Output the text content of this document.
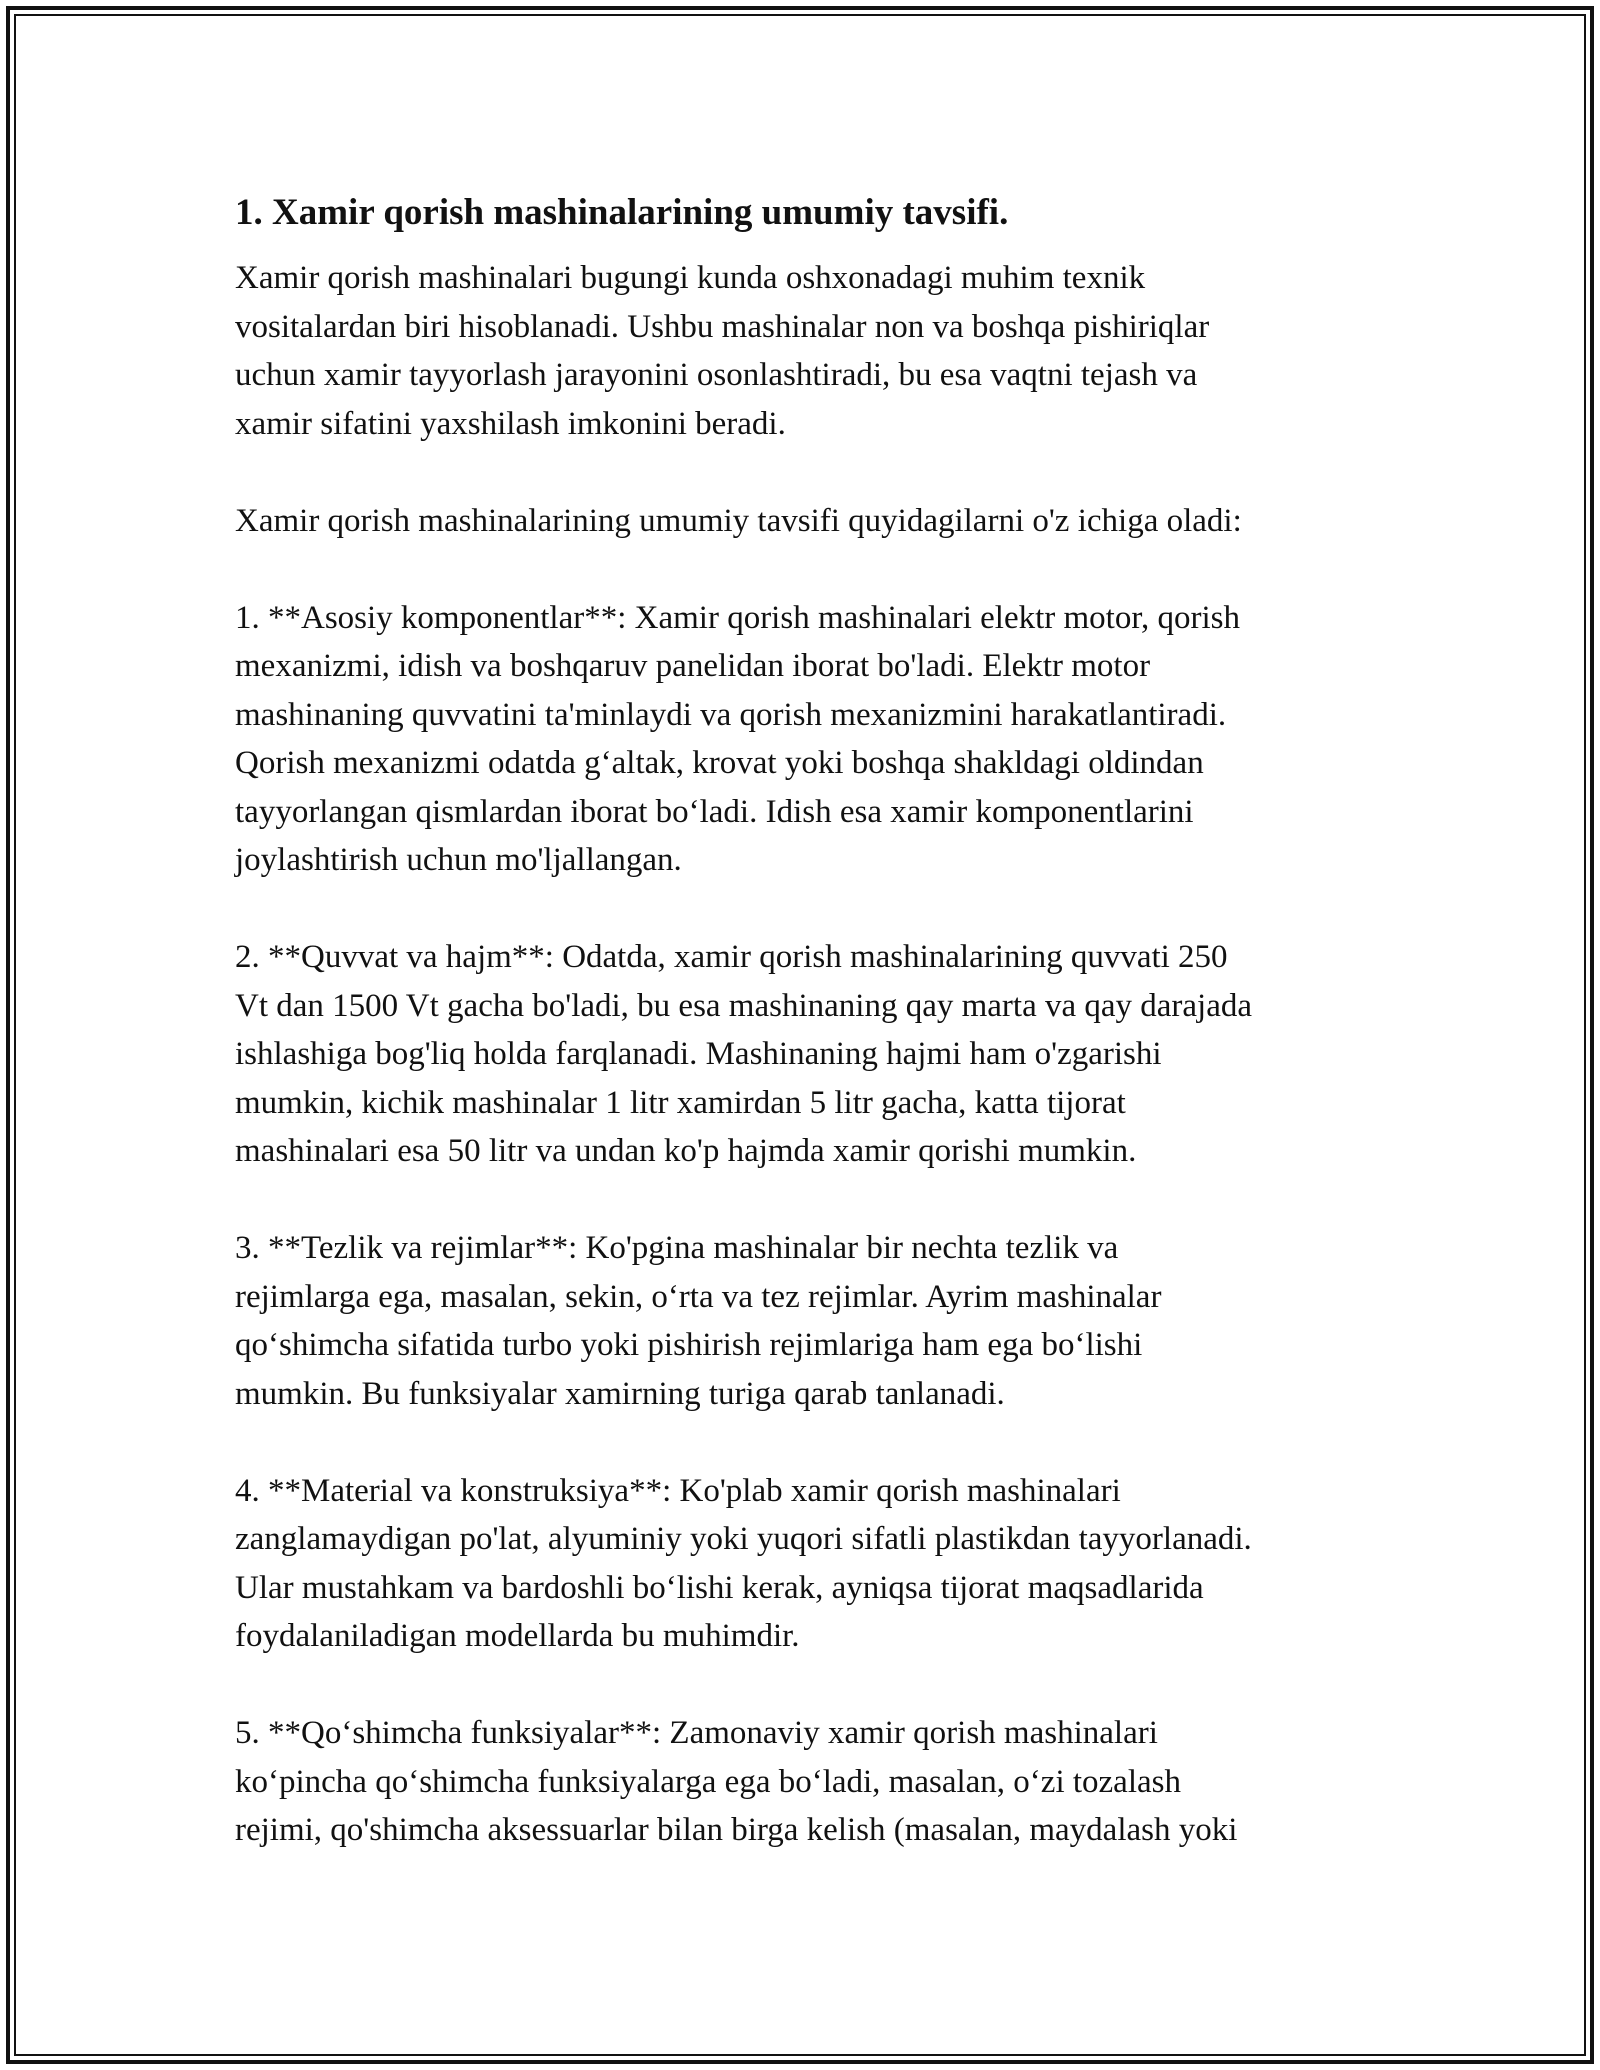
1. Xamir qorish mashinalarining umumiy tavsifi.

Xamir qorish mashinalari bugungi kunda oshxonadagi muhim texnik
vositalardan biri hisoblanadi. Ushbu mashinalar non va boshqa pishiriqlar
uchun xamir tayyorlash jarayonini osonlashtiradi, bu esa vaqtni tejash va
xamir sifatini yaxshilash imkonini beradi.

Xamir qorish mashinalarining umumiy tavsifi quyidagilarni o'z ichiga oladi:

1. **Asosiy komponentlar**: Xamir qorish mashinalari elektr motor, qorish
mexanizmi, idish va boshqaruv panelidan iborat bo'ladi. Elektr motor
mashinaning quvvatini ta'minlaydi va qorish mexanizmini harakatlantiradi.
Qorish mexanizmi odatda g‘altak, krovat yoki boshqa shakldagi oldindan
tayyorlangan qismlardan iborat bo‘ladi. Idish esa xamir komponentlarini
joylashtirish uchun mo'ljallangan.

2. **Quvvat va hajm**: Odatda, xamir qorish mashinalarining quvvati 250
Vt dan 1500 Vt gacha bo'ladi, bu esa mashinaning qay marta va qay darajada
ishlashiga bog'liq holda farqlanadi. Mashinaning hajmi ham o'zgarishi
mumkin, kichik mashinalar 1 litr xamirdan 5 litr gacha, katta tijorat
mashinalari esa 50 litr va undan ko'p hajmda xamir qorishi mumkin.

3. **Tezlik va rejimlar**: Ko'pgina mashinalar bir nechta tezlik va
rejimlarga ega, masalan, sekin, o‘rta va tez rejimlar. Ayrim mashinalar
qo‘shimcha sifatida turbo yoki pishirish rejimlariga ham ega bo‘lishi
mumkin. Bu funksiyalar xamirning turiga qarab tanlanadi.

4. **Material va konstruksiya**: Ko'plab xamir qorish mashinalari
zanglamaydigan po'lat, alyuminiy yoki yuqori sifatli plastikdan tayyorlanadi.
Ular mustahkam va bardoshli bo‘lishi kerak, ayniqsa tijorat maqsadlarida
foydalaniladigan modellarda bu muhimdir.

5. **Qo‘shimcha funksiyalar**: Zamonaviy xamir qorish mashinalari
ko‘pincha qo‘shimcha funksiyalarga ega bo‘ladi, masalan, o‘zi tozalash
rejimi, qo'shimcha aksessuarlar bilan birga kelish (masalan, maydalash yoki
